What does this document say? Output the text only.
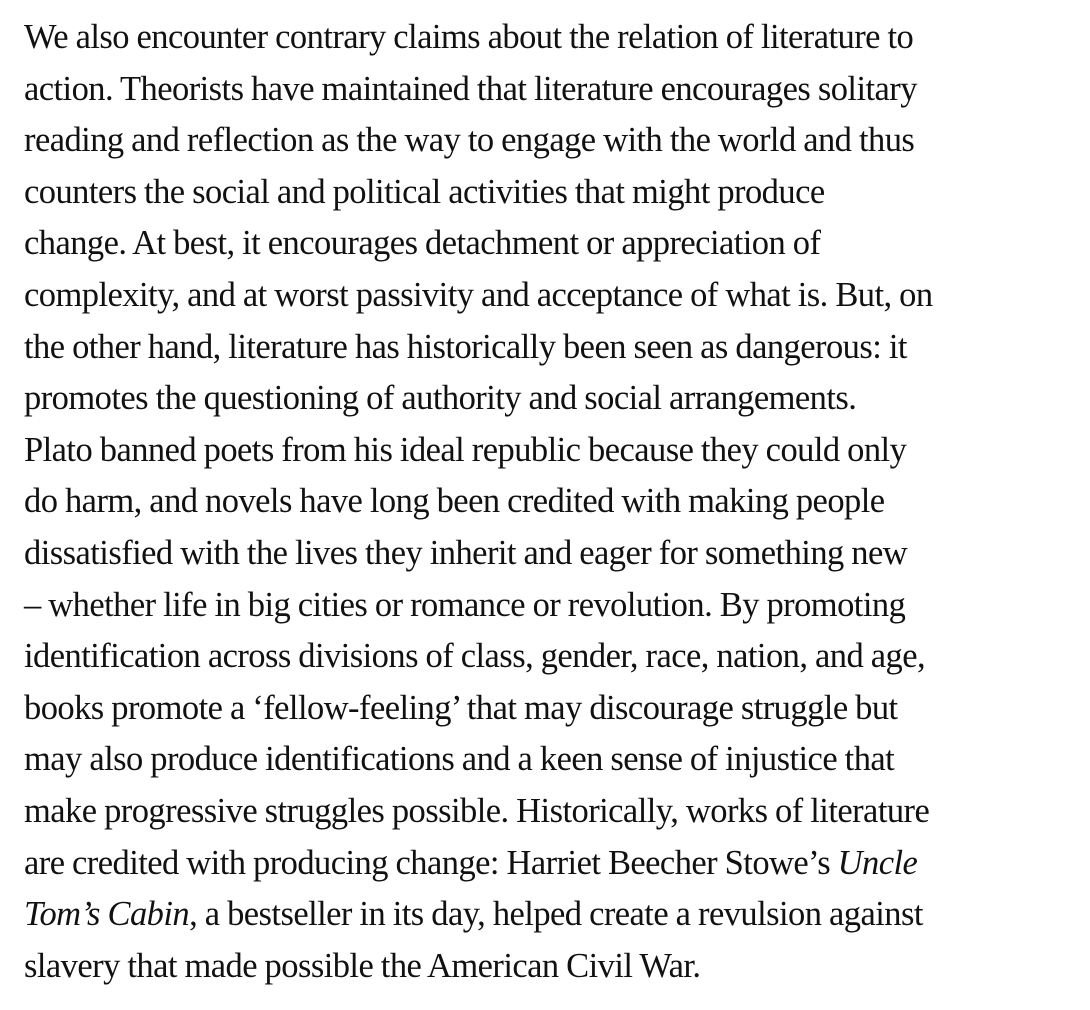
We also encounter contrary claims about the relation of literature to
action. Theorists have maintained that literature encourages solitary
reading and reflection as the way to engage with the world and thus
counters the social and political activities that might produce
change. At best, it encourages detachment or appreciation of
complexity, and at worst passivity and acceptance of what is. But, on
the other hand, literature has historically been seen as dangerous: it
promotes the questioning of authority and social arrangements.
Plato banned poets from his ideal republic because they could only
do harm, and novels have long been credited with making people
dissatisfied with the lives they inherit and eager for something new
– whether life in big cities or romance or revolution. By promoting
identification across divisions of class, gender, race, nation, and age,
books promote a ‘fellow-feeling’ that may discourage struggle but
may also produce identifications and a keen sense of injustice that
make progressive struggles possible. Historically, works of literature
are credited with producing change: Harriet Beecher Stowe’s Uncle
Tom’s Cabin, a bestseller in its day, helped create a revulsion against
slavery that made possible the American Civil War.
